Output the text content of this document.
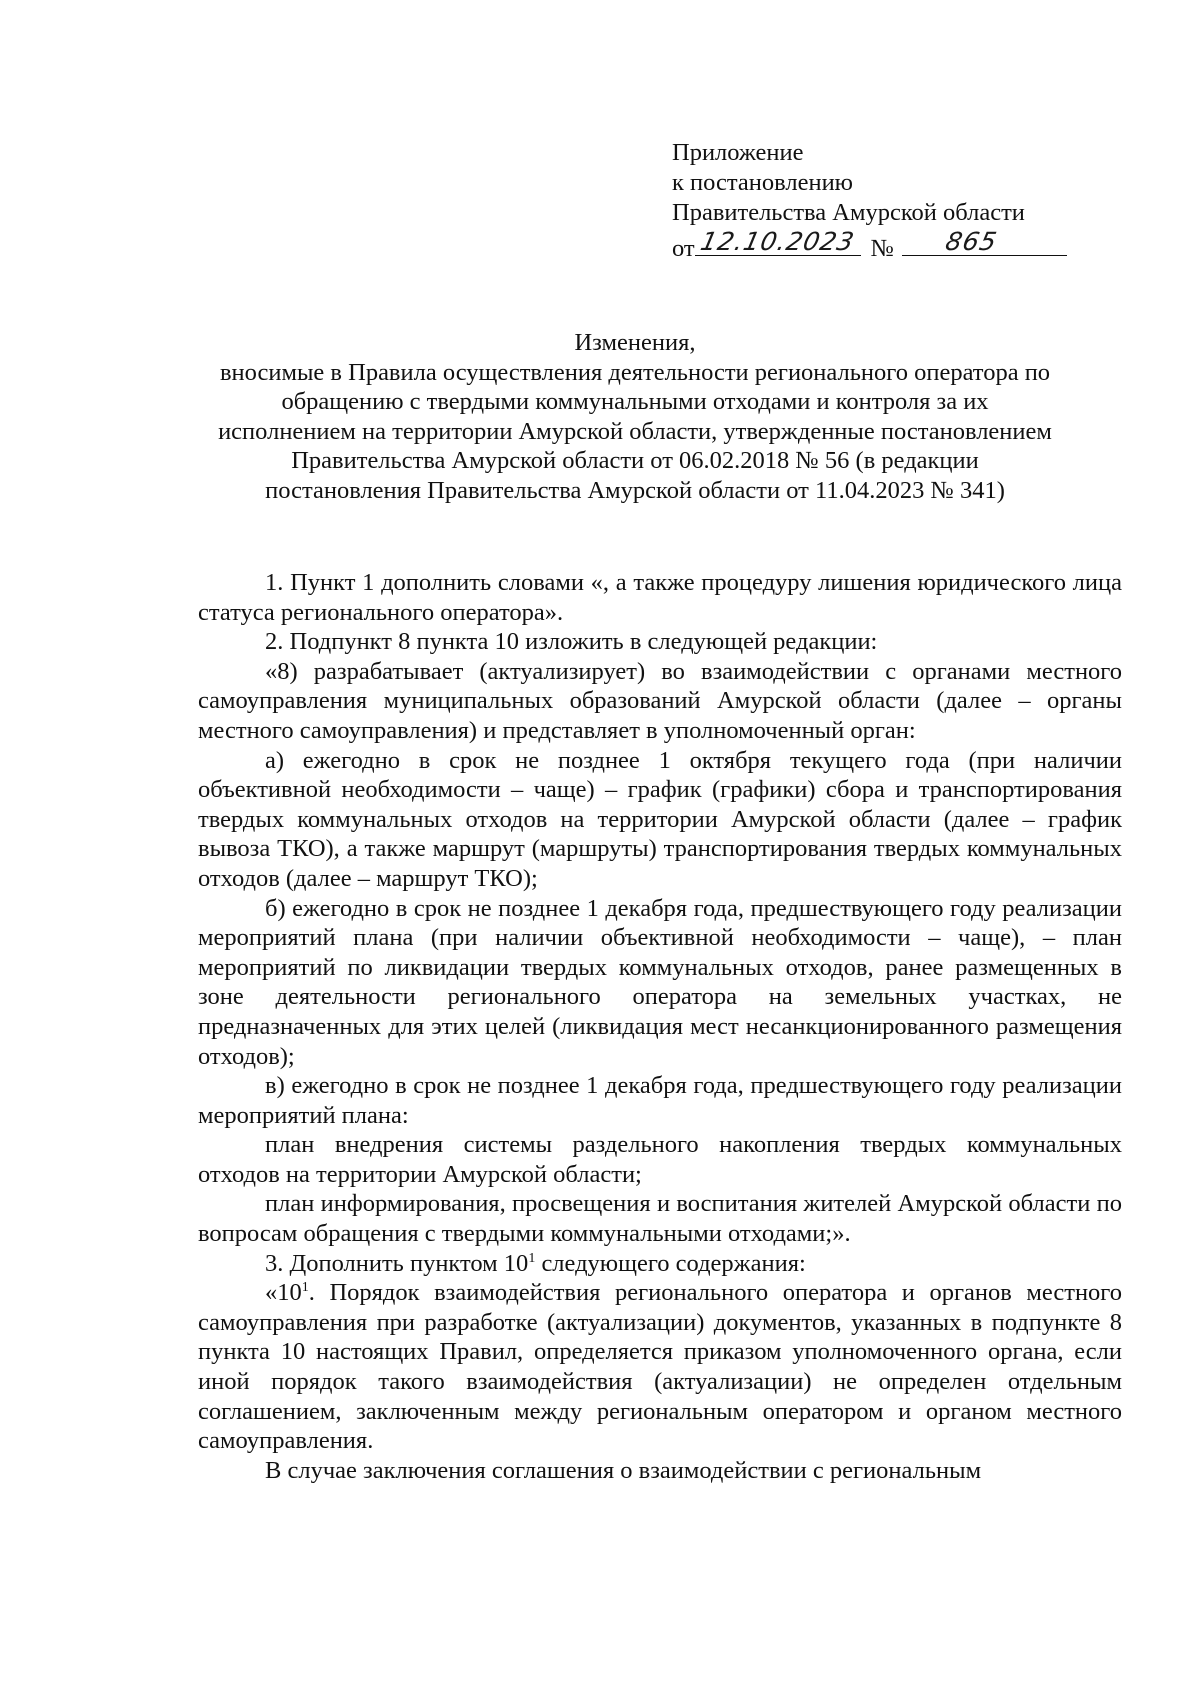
Приложение
к постановлению
Правительства Амурской области
от 12.10.2023 № 865
Изменения,
вносимые в Правила осуществления деятельности регионального оператора по
обращению с твердыми коммунальными отходами и контроля за их
исполнением на территории Амурской области, утвержденные постановлением
Правительства Амурской области от 06.02.2018 № 56 (в редакции
постановления Правительства Амурской области от 11.04.2023 № 341)

1. Пункт 1 дополнить словами «, а также процедуру лишения юридического лица статуса регионального оператора».

2. Подпункт 8 пункта 10 изложить в следующей редакции:

«8) разрабатывает (актуализирует) во взаимодействии с органами местного самоуправления муниципальных образований Амурской области (далее – органы местного самоуправления) и представляет в уполномоченный орган:

а) ежегодно в срок не позднее 1 октября текущего года (при наличии объективной необходимости – чаще) – график (графики) сбора и транспортирования твердых коммунальных отходов на территории Амурской области (далее – график вывоза ТКО), а также маршрут (маршруты) транспортирования твердых коммунальных отходов (далее – маршрут ТКО);

б) ежегодно в срок не позднее 1 декабря года, предшествующего году реализации мероприятий плана (при наличии объективной необходимости – чаще), – план мероприятий по ликвидации твердых коммунальных отходов, ранее размещенных в зоне деятельности регионального оператора на земельных участках, не предназначенных для этих целей (ликвидация мест несанкционированного размещения отходов);

в) ежегодно в срок не позднее 1 декабря года, предшествующего году реализации мероприятий плана:

план внедрения системы раздельного накопления твердых коммунальных отходов на территории Амурской области;

план информирования, просвещения и воспитания жителей Амурской области по вопросам обращения с твердыми коммунальными отходами;».

3. Дополнить пунктом $10^1$ следующего содержания:

«$10^1$. Порядок взаимодействия регионального оператора и органов местного самоуправления при разработке (актуализации) документов, указанных в подпункте 8 пункта 10 настоящих Правил, определяется приказом уполномоченного органа, если иной порядок такого взаимодействия (актуализации) не определен отдельным соглашением, заключенным между региональным оператором и органом местного самоуправления.

В случае заключения соглашения о взаимодействии с региональным
